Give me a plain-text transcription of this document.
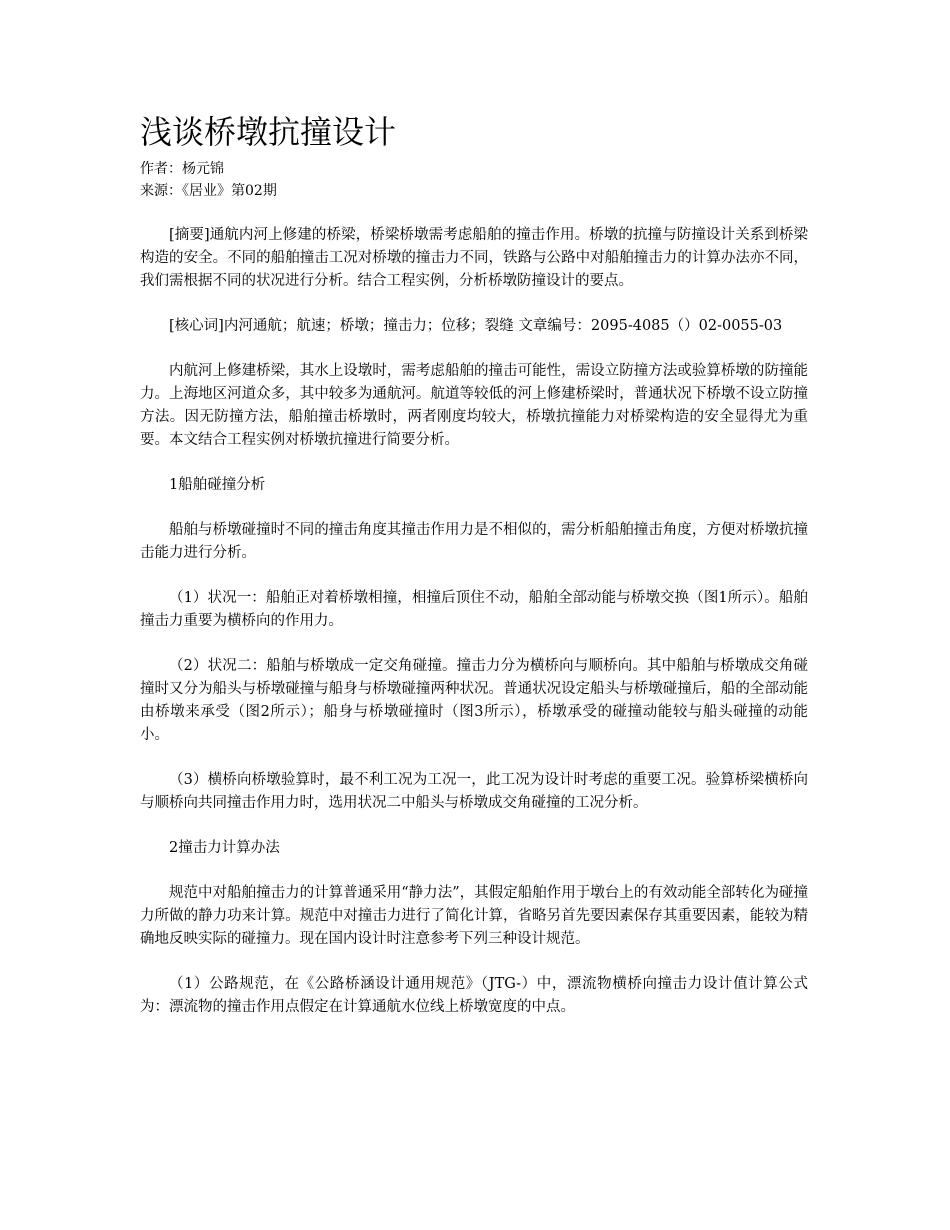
浅谈桥墩抗撞设计

作者：杨元锦

来源：《居业》第02期

[摘要]通航内河上修建的桥梁，桥梁桥墩需考虑船舶的撞击作用。桥墩的抗撞与防撞设计关系到桥梁构造的安全。不同的船舶撞击工况对桥墩的撞击力不同，铁路与公路中对船舶撞击力的计算办法亦不同，我们需根据不同的状况进行分析。结合工程实例，分析桥墩防撞设计的要点。

[核心词]内河通航；航速；桥墩；撞击力；位移；裂缝 文章编号：2095-4085（）02-0055-03

内航河上修建桥梁，其水上设墩时，需考虑船舶的撞击可能性，需设立防撞方法或验算桥墩的防撞能力。上海地区河道众多，其中较多为通航河。航道等较低的河上修建桥梁时，普通状况下桥墩不设立防撞方法。因无防撞方法，船舶撞击桥墩时，两者刚度均较大，桥墩抗撞能力对桥梁构造的安全显得尤为重要。本文结合工程实例对桥墩抗撞进行简要分析。

1船舶碰撞分析

船舶与桥墩碰撞时不同的撞击角度其撞击作用力是不相似的，需分析船舶撞击角度，方便对桥墩抗撞击能力进行分析。

（1）状况一：船舶正对着桥墩相撞，相撞后顶住不动，船舶全部动能与桥墩交换（图1所示）。船舶撞击力重要为横桥向的作用力。

（2）状况二：船舶与桥墩成一定交角碰撞。撞击力分为横桥向与顺桥向。其中船舶与桥墩成交角碰撞时又分为船头与桥墩碰撞与船身与桥墩碰撞两种状况。普通状况设定船头与桥墩碰撞后，船的全部动能由桥墩来承受（图2所示）；船身与桥墩碰撞时（图3所示），桥墩承受的碰撞动能较与船头碰撞的动能小。

（3）横桥向桥墩验算时，最不利工况为工况一，此工况为设计时考虑的重要工况。验算桥梁横桥向与顺桥向共同撞击作用力时，选用状况二中船头与桥墩成交角碰撞的工况分析。

2撞击力计算办法

规范中对船舶撞击力的计算普通采用“静力法”，其假定船舶作用于墩台上的有效动能全部转化为碰撞力所做的静力功来计算。规范中对撞击力进行了简化计算，省略另首先要因素保存其重要因素，能较为精确地反映实际的碰撞力。现在国内设计时注意参考下列三种设计规范。

（1）公路规范，在《公路桥涵设计通用规范》（JTG-）中，漂流物横桥向撞击力设计值计算公式为：漂流物的撞击作用点假定在计算通航水位线上桥墩宽度的中点。
